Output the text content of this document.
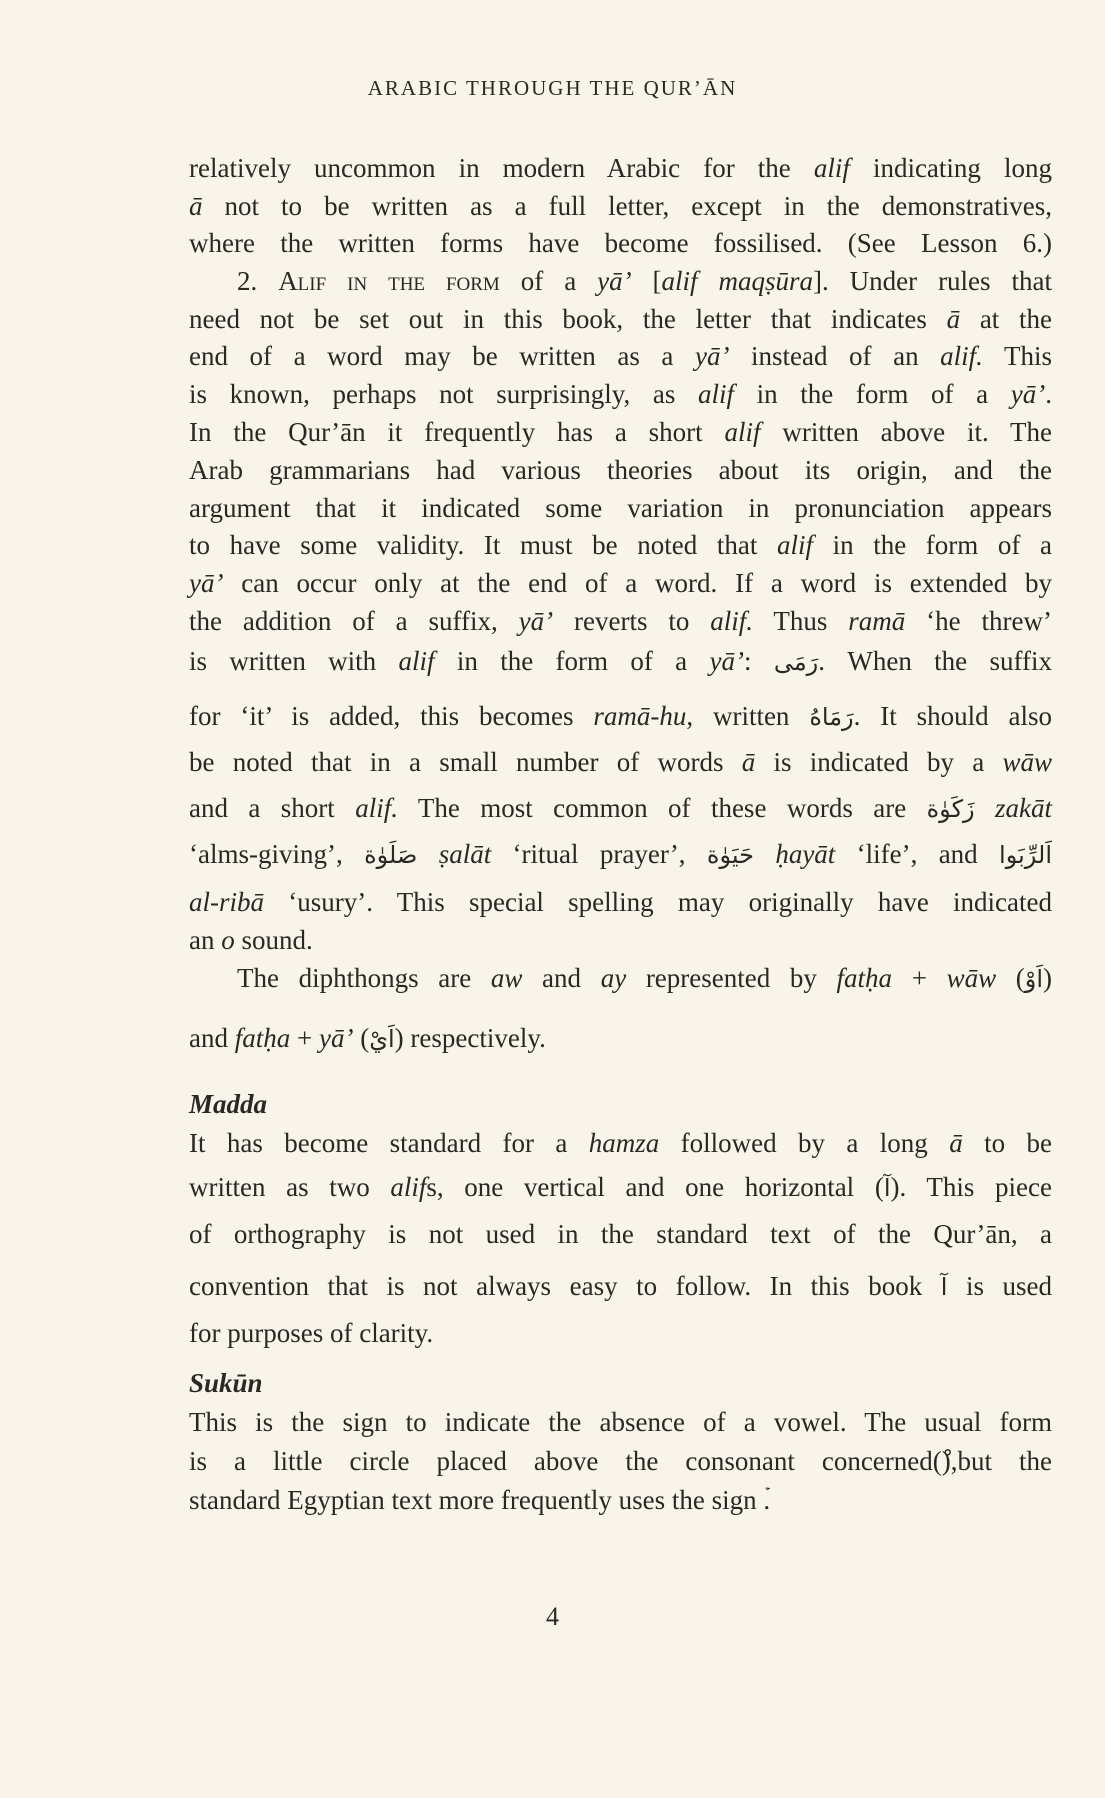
ARABIC THROUGH THE QUR’ĀN
relatively uncommon in modern Arabic for the alif indicating long
ā not to be written as a full letter, except in the demonstratives,
where the written forms have become fossilised. (See Lesson 6.)
2. Alif in the form of a yā’ [alif maqṣūra]. Under rules that
need not be set out in this book, the letter that indicates ā at the
end of a word may be written as a yā’ instead of an alif. This
is known, perhaps not surprisingly, as alif in the form of a yā’.
In the Qur’ān it frequently has a short alif written above it. The
Arab grammarians had various theories about its origin, and the
argument that it indicated some variation in pronunciation appears
to have some validity. It must be noted that alif in the form of a
yā’ can occur only at the end of a word. If a word is extended by
the addition of a suffix, yā’ reverts to alif. Thus ramā ‘he threw’
is written with alif in the form of a yā’: رَمَى. When the suffix
for ‘it’ is added, this becomes ramā-hu, written رَمَاهُ. It should also
be noted that in a small number of words ā is indicated by a wāw
and a short alif. The most common of these words are زَكَوٰة zakāt
‘alms-giving’, صَلَوٰة ṣalāt ‘ritual prayer’, حَيَوٰة ḥayāt ‘life’, and اَلرِّبَوا
al-ribā ‘usury’. This special spelling may originally have indicated
an o sound.
The diphthongs are aw and ay represented by fatḥa + wāw (اَوْ)
and fatḥa + yā’ (اَيْ) respectively.
It has become standard for a hamza followed by a long ā to be
written as two alifs, one vertical and one horizontal (آ). This piece
of orthography is not used in the standard text of the Qur’ān, a
convention that is not always easy to follow. In this book آ is used
for purposes of clarity.
This is the sign to indicate the absence of a vowel. The usual form
is a little circle placed above the consonant concerned(),but the
standard Egyptian text more frequently uses the sign .
Madda
Sukūn
4
